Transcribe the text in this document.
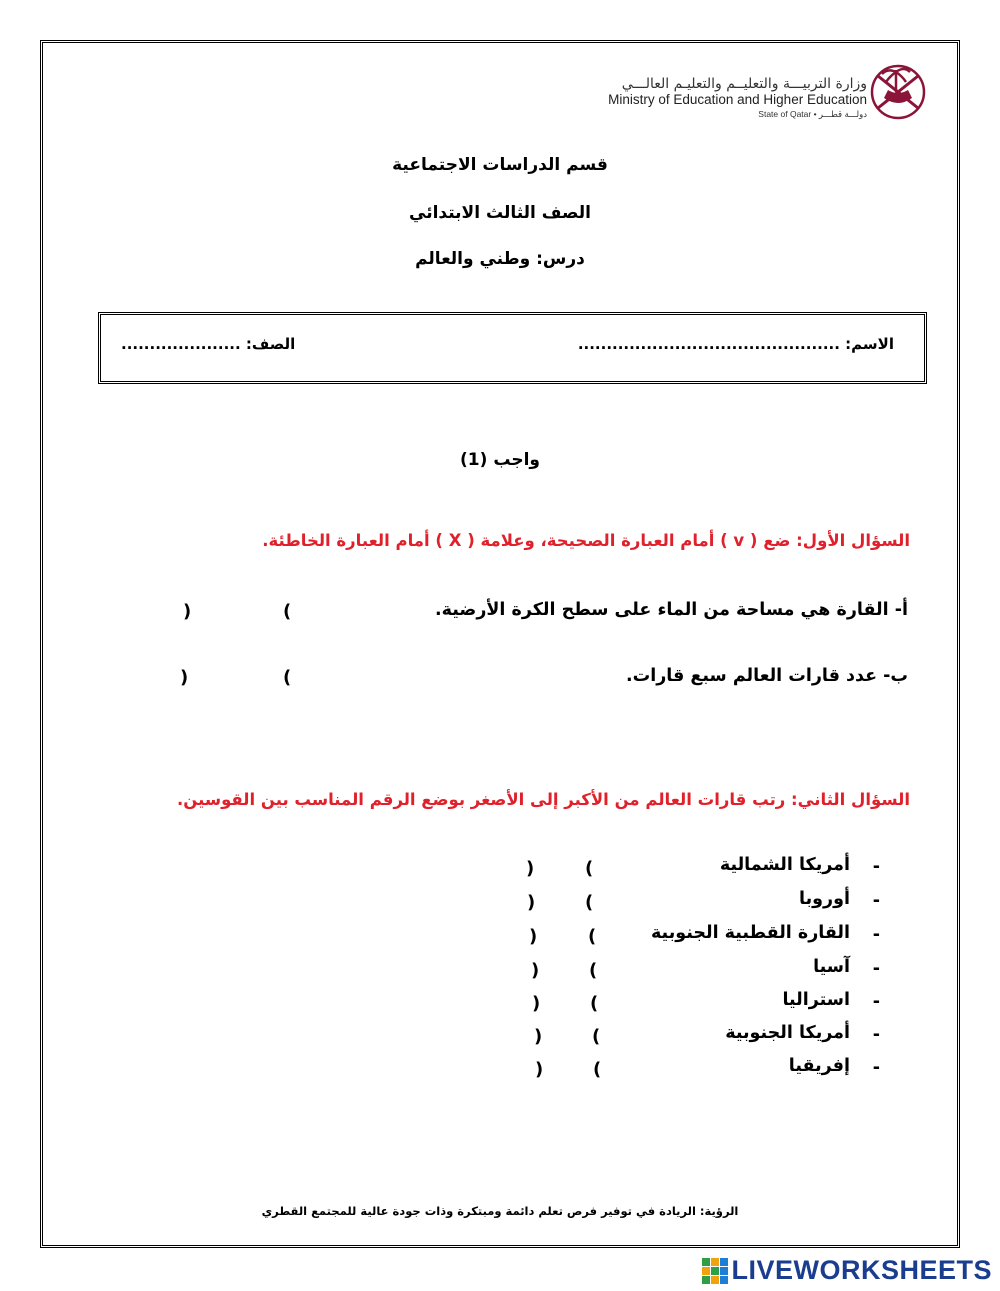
وزارة التربيـــة والتعليــم والتعليـم العالـــي
Ministry of Education and Higher Education
State of Qatar • دولـــة قطـــر
قسم الدراسات الاجتماعية
الصف الثالث الابتدائي
درس: وطني والعالم
الاسم: ..............................................
الصف: .....................
واجب (1)
السؤال الأول: ضع ( v ) أمام العبارة الصحيحة، وعلامة ( X ) أمام العبارة الخاطئة.
أ- القارة هي مساحة من الماء على سطح الكرة الأرضية.
(
)
ب- عدد قارات العالم سبع قارات.
(
)
السؤال الثاني: رتب قارات العالم من الأكبر إلى الأصغر بوضع الرقم المناسب بين القوسين.
-
أمريكا الشمالية
(
)
-
أوروبا
(
)
-
القارة القطبية الجنوبية
(
)
-
آسيا
(
)
-
استراليا
(
)
-
أمريكا الجنوبية
(
)
-
إفريقيا
(
)
الرؤية: الريادة في توفير فرص تعلم دائمة ومبتكرة وذات جودة عالية للمجتمع القطري
LIVEWORKSHEETS
